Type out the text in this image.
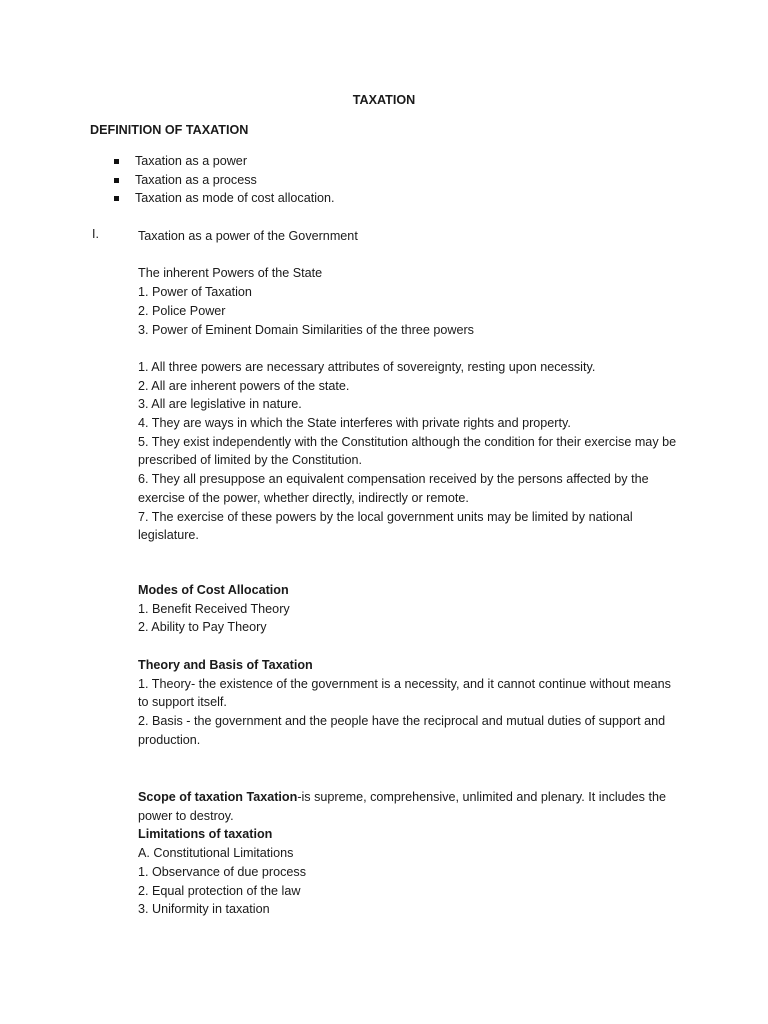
TAXATION
DEFINITION OF TAXATION
Taxation as a power
Taxation as a process
Taxation as mode of cost allocation.
I.	Taxation as a power of the Government
The inherent Powers of the State
1. Power of Taxation
2. Police Power
3. Power of Eminent Domain Similarities of the three powers
1. All three powers are necessary attributes of sovereignty, resting upon necessity.
2. All are inherent powers of the state.
3. All are legislative in nature.
4. They are ways in which the State interferes with private rights and property.
5. They exist independently with the Constitution although the condition for their exercise may be prescribed of limited by the Constitution.
6. They all presuppose an equivalent compensation received by the persons affected by the exercise of the power, whether directly, indirectly or remote.
7. The exercise of these powers by the local government units may be limited by national legislature.
Modes of Cost Allocation
1. Benefit Received Theory
2. Ability to Pay Theory
Theory and Basis of Taxation
1. Theory- the existence of the government is a necessity, and it cannot continue without means to support itself.
2. Basis - the government and the people have the reciprocal and mutual duties of support and production.
Scope of taxation Taxation-is supreme, comprehensive, unlimited and plenary. It includes the power to destroy.
Limitations of taxation
A. Constitutional Limitations
1. Observance of due process
2. Equal protection of the law
3. Uniformity in taxation
